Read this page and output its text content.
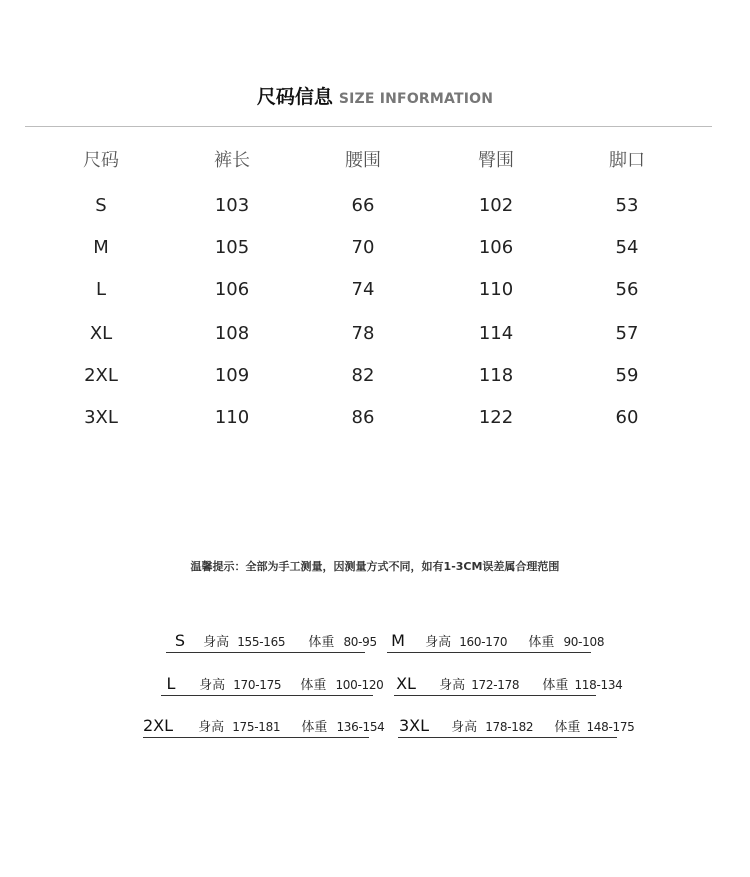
尺码信息 SIZE INFORMATION
尺码	裤长	腰围	臀围	脚口
S	103	66	102	53
M	105	70	106	54
L	106	74	110	56
XL	108	78	114	57
2XL	109	82	118	59
3XL	110	86	122	60
温馨提示：全部为手工测量，因测量方式不同，如有1-3CM误差属合理范围
S 身高 155-165 体重 80-95 M 身高 160-170 体重 90-108
L 身高 170-175 体重 100-120 XL 身高 172-178 体重 118-134
2XL 身高 175-181 体重 136-154 3XL 身高 178-182 体重 148-175
